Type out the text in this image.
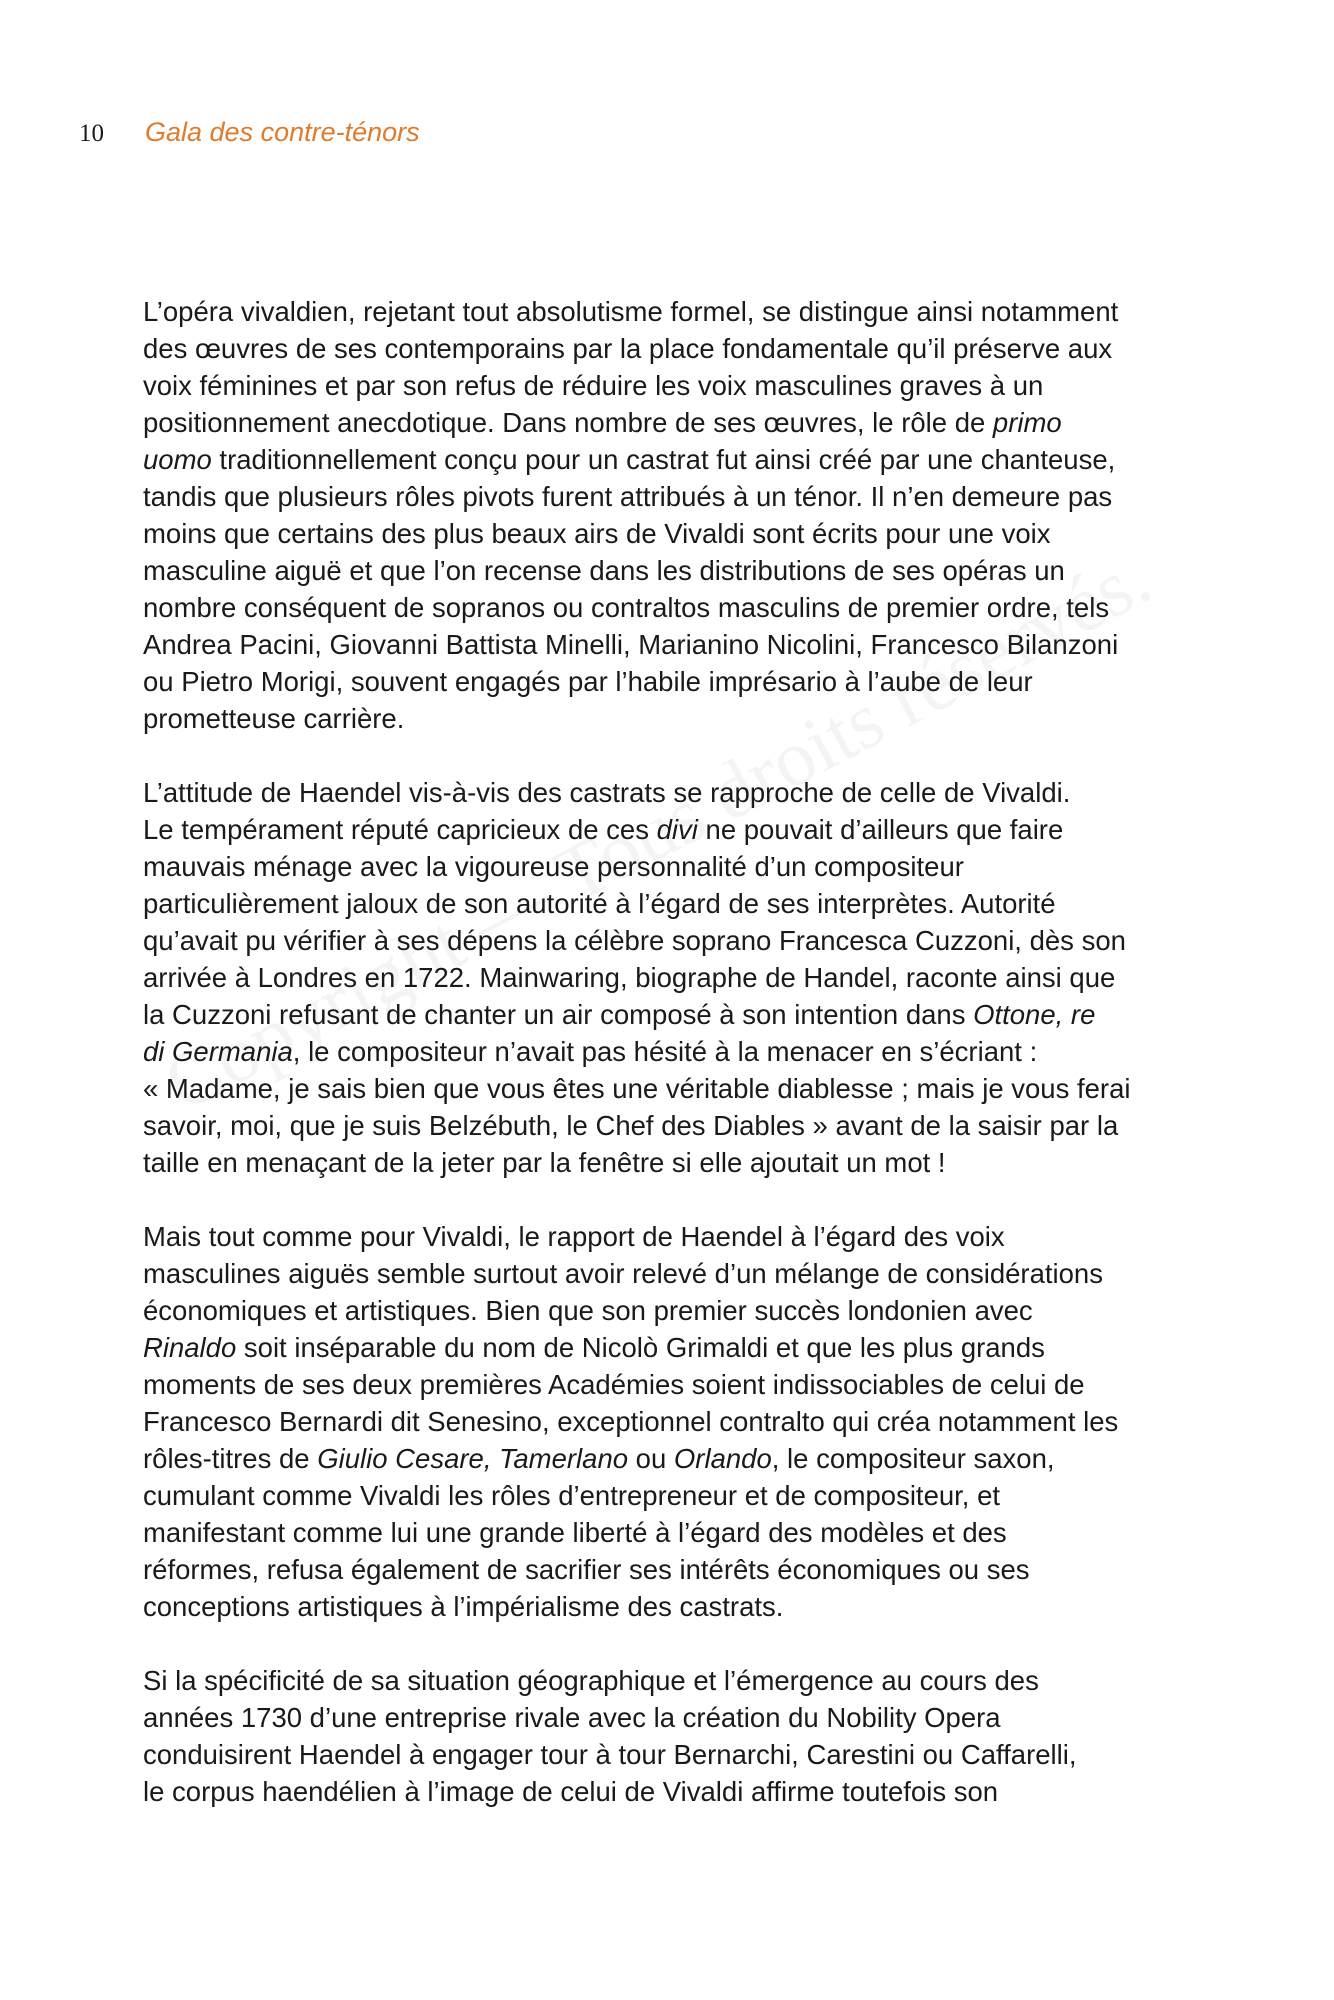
10 Gala des contre-ténors

L’opéra vivaldien, rejetant tout absolutisme formel, se distingue ainsi notamment
des œuvres de ses contemporains par la place fondamentale qu’il préserve aux
voix féminines et par son refus de réduire les voix masculines graves à un
positionnement anecdotique. Dans nombre de ses œuvres, le rôle de primo
uomo traditionnellement conçu pour un castrat fut ainsi créé par une chanteuse,
tandis que plusieurs rôles pivots furent attribués à un ténor. Il n’en demeure pas
moins que certains des plus beaux airs de Vivaldi sont écrits pour une voix
masculine aiguë et que l’on recense dans les distributions de ses opéras un
nombre conséquent de sopranos ou contraltos masculins de premier ordre, tels
Andrea Pacini, Giovanni Battista Minelli, Marianino Nicolini, Francesco Bilanzoni
ou Pietro Morigi, souvent engagés par l’habile imprésario à l’aube de leur
prometteuse carrière.

L’attitude de Haendel vis-à-vis des castrats se rapproche de celle de Vivaldi.
Le tempérament réputé capricieux de ces divi ne pouvait d’ailleurs que faire
mauvais ménage avec la vigoureuse personnalité d’un compositeur
particulièrement jaloux de son autorité à l’égard de ses interprètes. Autorité
qu’avait pu vérifier à ses dépens la célèbre soprano Francesca Cuzzoni, dès son
arrivée à Londres en 1722. Mainwaring, biographe de Handel, raconte ainsi que
la Cuzzoni refusant de chanter un air composé à son intention dans Ottone, re
di Germania, le compositeur n’avait pas hésité à la menacer en s’écriant :
« Madame, je sais bien que vous êtes une véritable diablesse ; mais je vous ferai
savoir, moi, que je suis Belzébuth, le Chef des Diables » avant de la saisir par la
taille en menaçant de la jeter par la fenêtre si elle ajoutait un mot !

Mais tout comme pour Vivaldi, le rapport de Haendel à l’égard des voix
masculines aiguës semble surtout avoir relevé d’un mélange de considérations
économiques et artistiques. Bien que son premier succès londonien avec
Rinaldo soit inséparable du nom de Nicolò Grimaldi et que les plus grands
moments de ses deux premières Académies soient indissociables de celui de
Francesco Bernardi dit Senesino, exceptionnel contralto qui créa notamment les
rôles-titres de Giulio Cesare, Tamerlano ou Orlando, le compositeur saxon,
cumulant comme Vivaldi les rôles d’entrepreneur et de compositeur, et
manifestant comme lui une grande liberté à l’égard des modèles et des
réformes, refusa également de sacrifier ses intérêts économiques ou ses
conceptions artistiques à l’impérialisme des castrats.

Si la spécificité de sa situation géographique et l’émergence au cours des
années 1730 d’une entreprise rivale avec la création du Nobility Opera
conduisirent Haendel à engager tour à tour Bernarchi, Carestini ou Caffarelli,
le corpus haendélien à l’image de celui de Vivaldi affirme toutefois son
